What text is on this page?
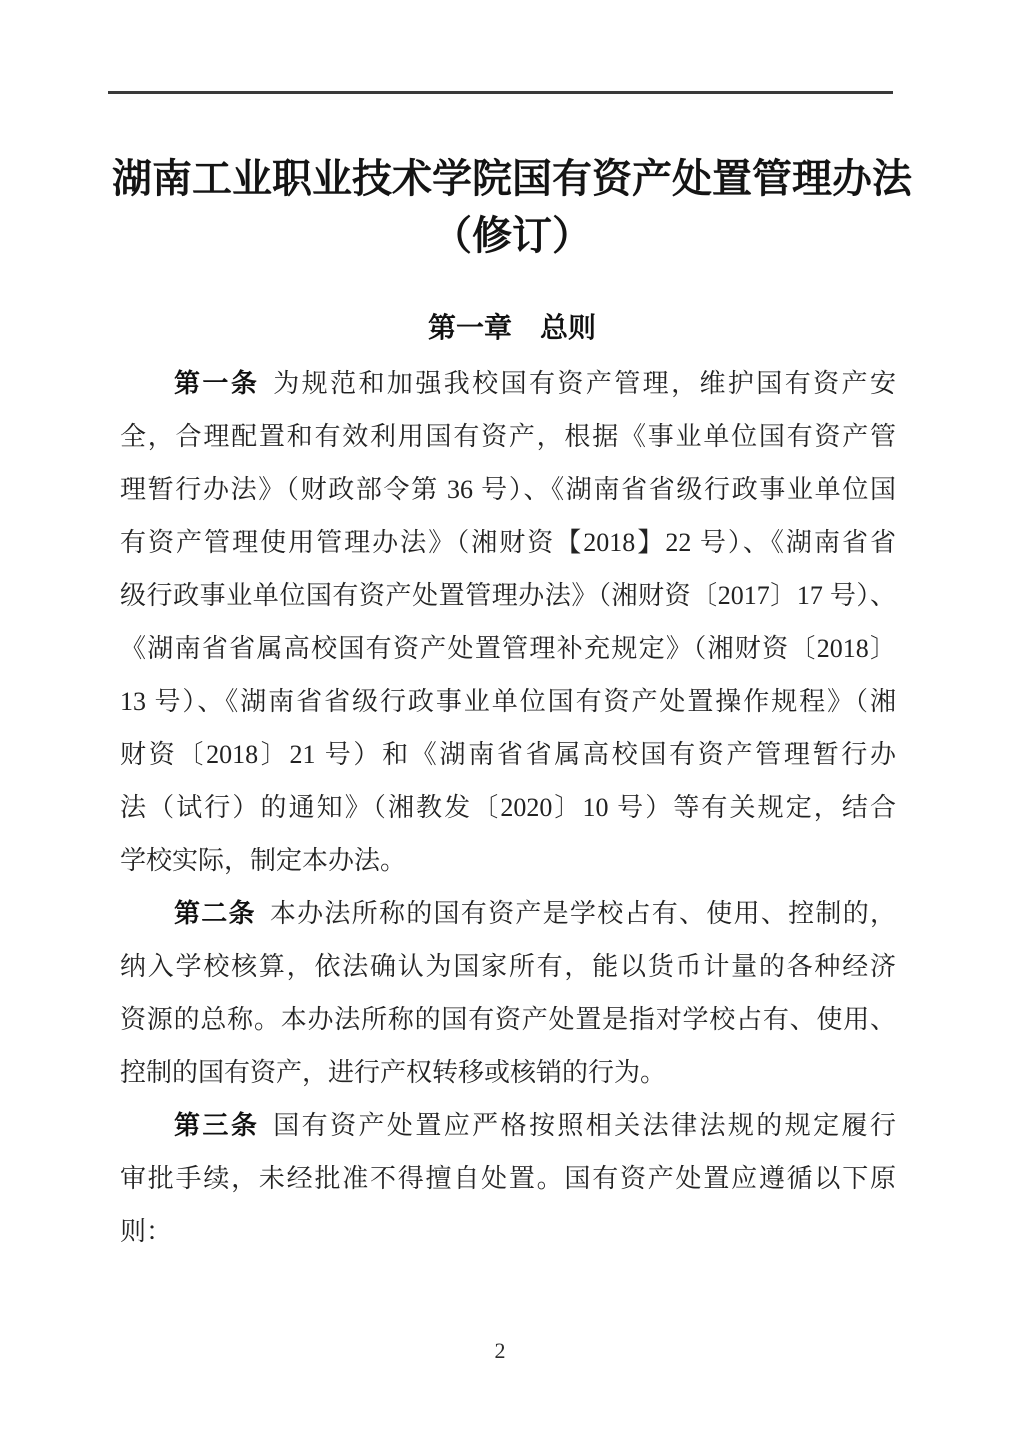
湖南工业职业技术学院国有资产处置管理办法
（修订）
第一章　总则
第一条 为规范和加强我校国有资产管理，维护国有资产安
全，合理配置和有效利用国有资产，根据《事业单位国有资产管
理暂行办法》（财政部令第 36 号）、《湖南省省级行政事业单位国
有资产管理使用管理办法》（湘财资【2018】22 号）、《湖南省省
级行政事业单位国有资产处置管理办法》（湘财资〔2017〕17 号）、
《湖南省省属高校国有资产处置管理补充规定》（湘财资〔2018〕
13 号）、《湖南省省级行政事业单位国有资产处置操作规程》（湘
财资〔2018〕21 号）和《湖南省省属高校国有资产管理暂行办
法（试行）的通知》（湘教发〔2020〕10 号）等有关规定，结合
学校实际，制定本办法。
第二条 本办法所称的国有资产是学校占有、使用、控制的，
纳入学校核算，依法确认为国家所有，能以货币计量的各种经济
资源的总称。本办法所称的国有资产处置是指对学校占有、使用、
控制的国有资产，进行产权转移或核销的行为。
第三条 国有资产处置应严格按照相关法律法规的规定履行
审批手续，未经批准不得擅自处置。国有资产处置应遵循以下原
则：
2
